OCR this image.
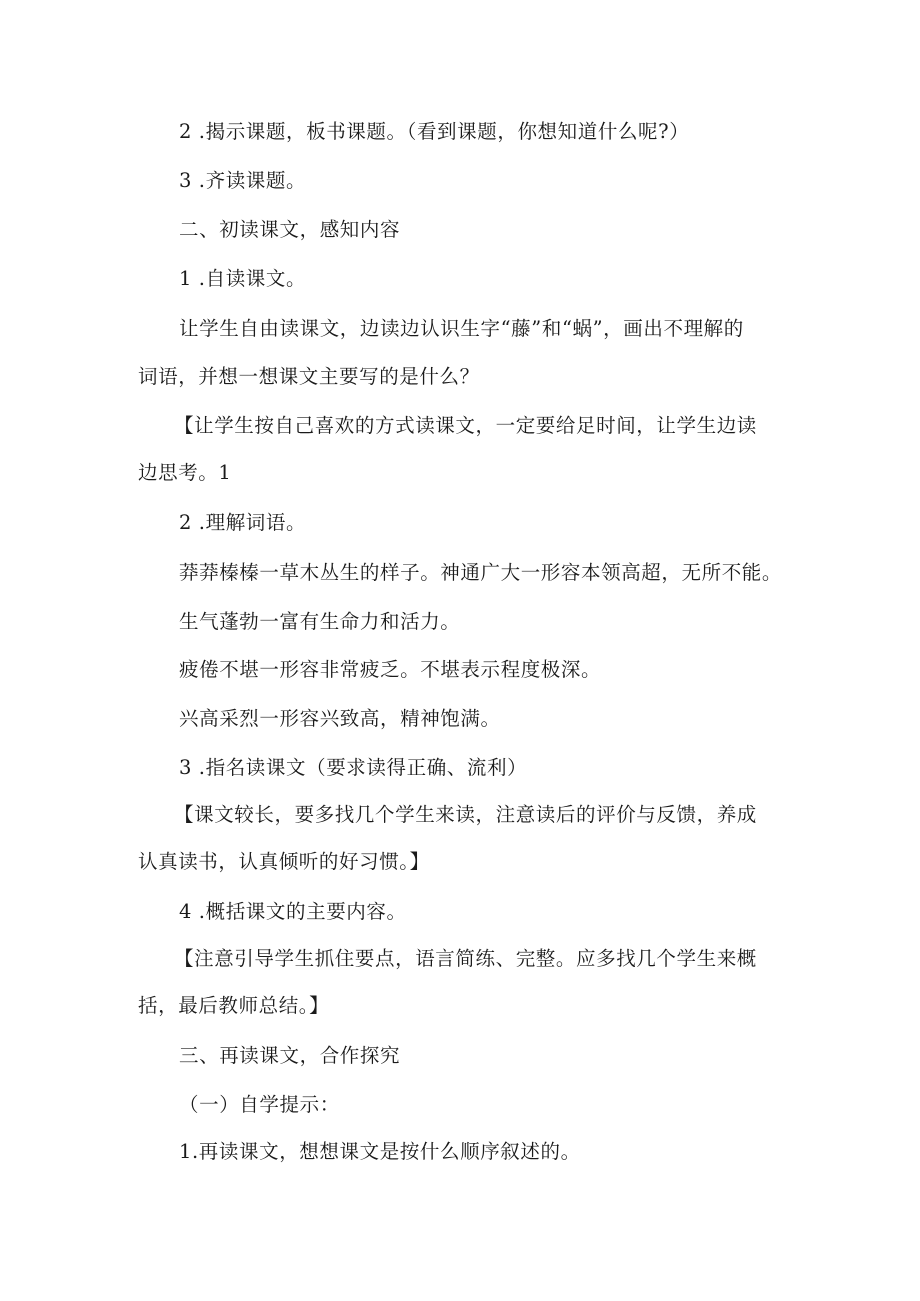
2 .揭示课题，板书课题。（看到课题，你想知道什么呢?）
3 .齐读课题。
二、初读课文，感知内容
1 .自读课文。
让学生自由读课文，边读边认识生字“藤”和“蜗”，画出不理解的
词语，并想一想课文主要写的是什么？
【让学生按自己喜欢的方式读课文，一定要给足时间，让学生边读
边思考。1
2 .理解词语。
莽莽榛榛一草木丛生的样子。神通广大一形容本领高超，无所不能。
生气蓬勃一富有生命力和活力。
疲倦不堪一形容非常疲乏。不堪表示程度极深。
兴高采烈一形容兴致高，精神饱满。
3 .指名读课文（要求读得正确、流利）
【课文较长，要多找几个学生来读，注意读后的评价与反馈，养成
认真读书，认真倾听的好习惯。】
4 .概括课文的主要内容。
【注意引导学生抓住要点，语言简练、完整。应多找几个学生来概
括，最后教师总结。】
三、再读课文，合作探究
（一）自学提示：
1.再读课文，想想课文是按什么顺序叙述的。
